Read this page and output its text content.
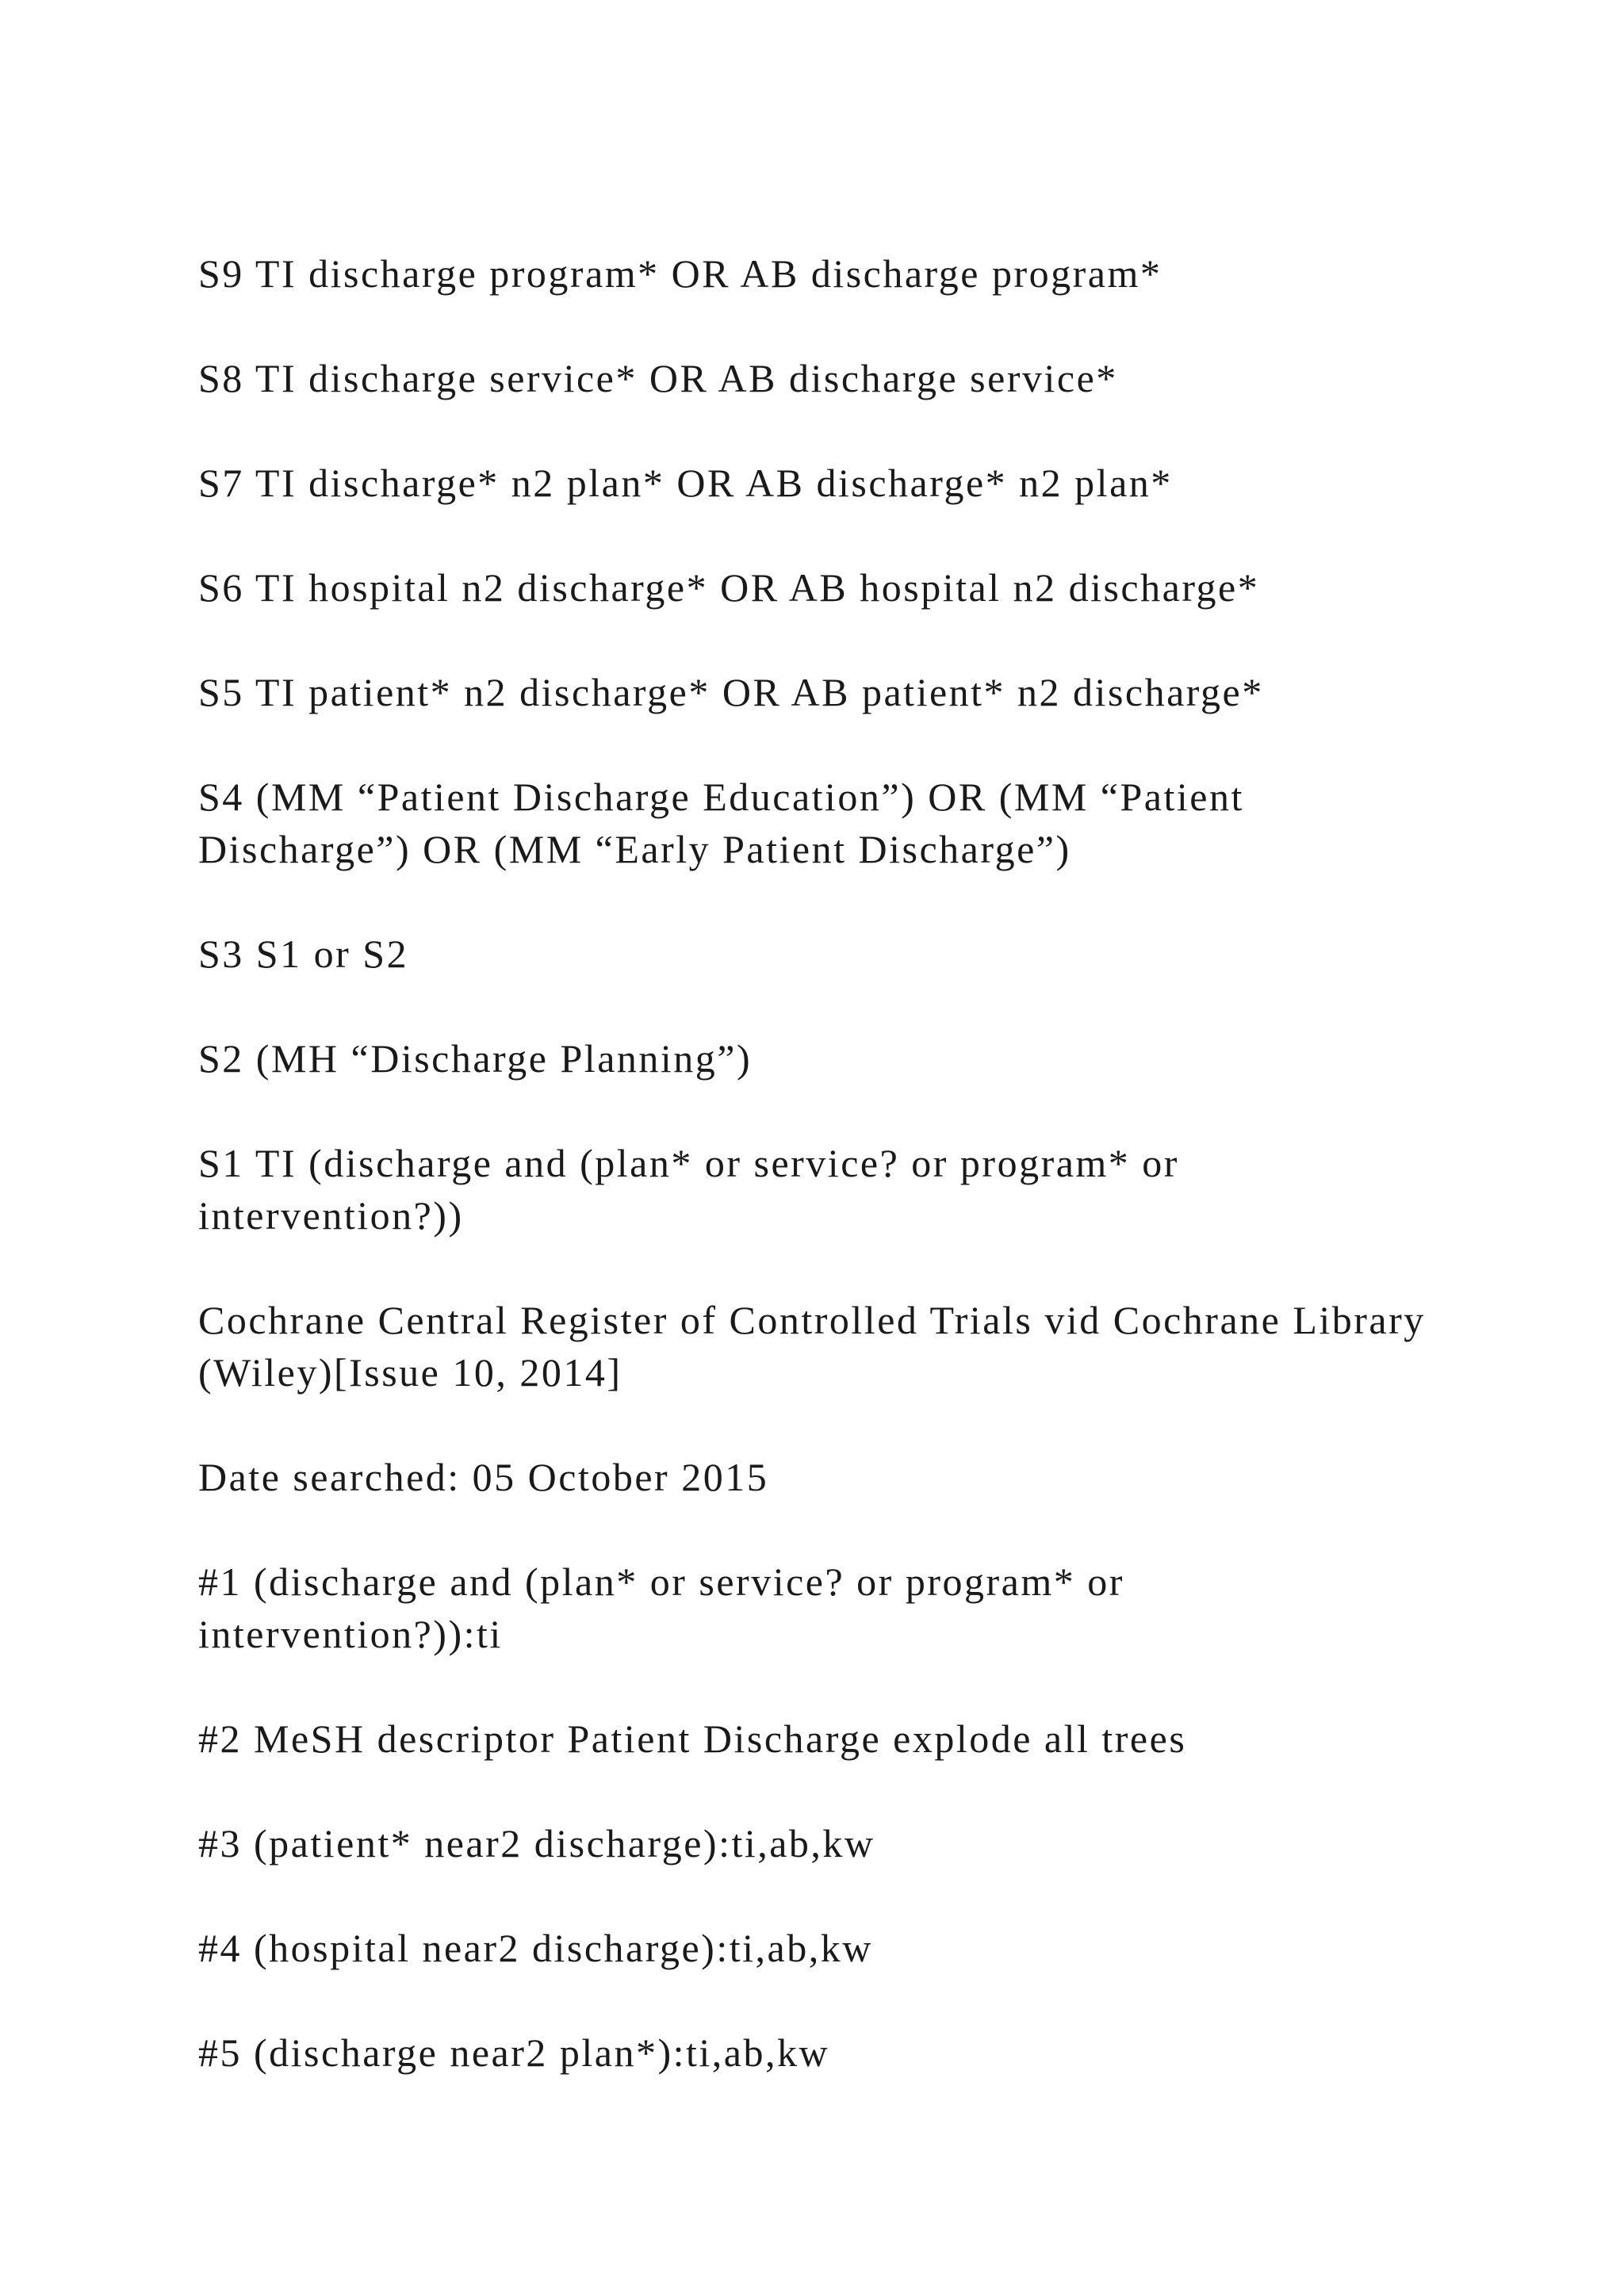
S9 TI discharge program* OR AB discharge program*

S8 TI discharge service* OR AB discharge service*

S7 TI discharge* n2 plan* OR AB discharge* n2 plan*

S6 TI hospital n2 discharge* OR AB hospital n2 discharge*

S5 TI patient* n2 discharge* OR AB patient* n2 discharge*

S4 (MM “Patient Discharge Education”) OR (MM “Patient Discharge”) OR (MM “Early Patient Discharge”)

S3 S1 or S2

S2 (MH “Discharge Planning”)

S1 TI (discharge and (plan* or service? or program* or intervention?))

Cochrane Central Register of Controlled Trials vid Cochrane Library (Wiley)[Issue 10, 2014]

Date searched: 05 October 2015

#1 (discharge and (plan* or service? or program* or intervention?)):ti

#2 MeSH descriptor Patient Discharge explode all trees

#3 (patient* near2 discharge):ti,ab,kw

#4 (hospital near2 discharge):ti,ab,kw

#5 (discharge near2 plan*):ti,ab,kw
